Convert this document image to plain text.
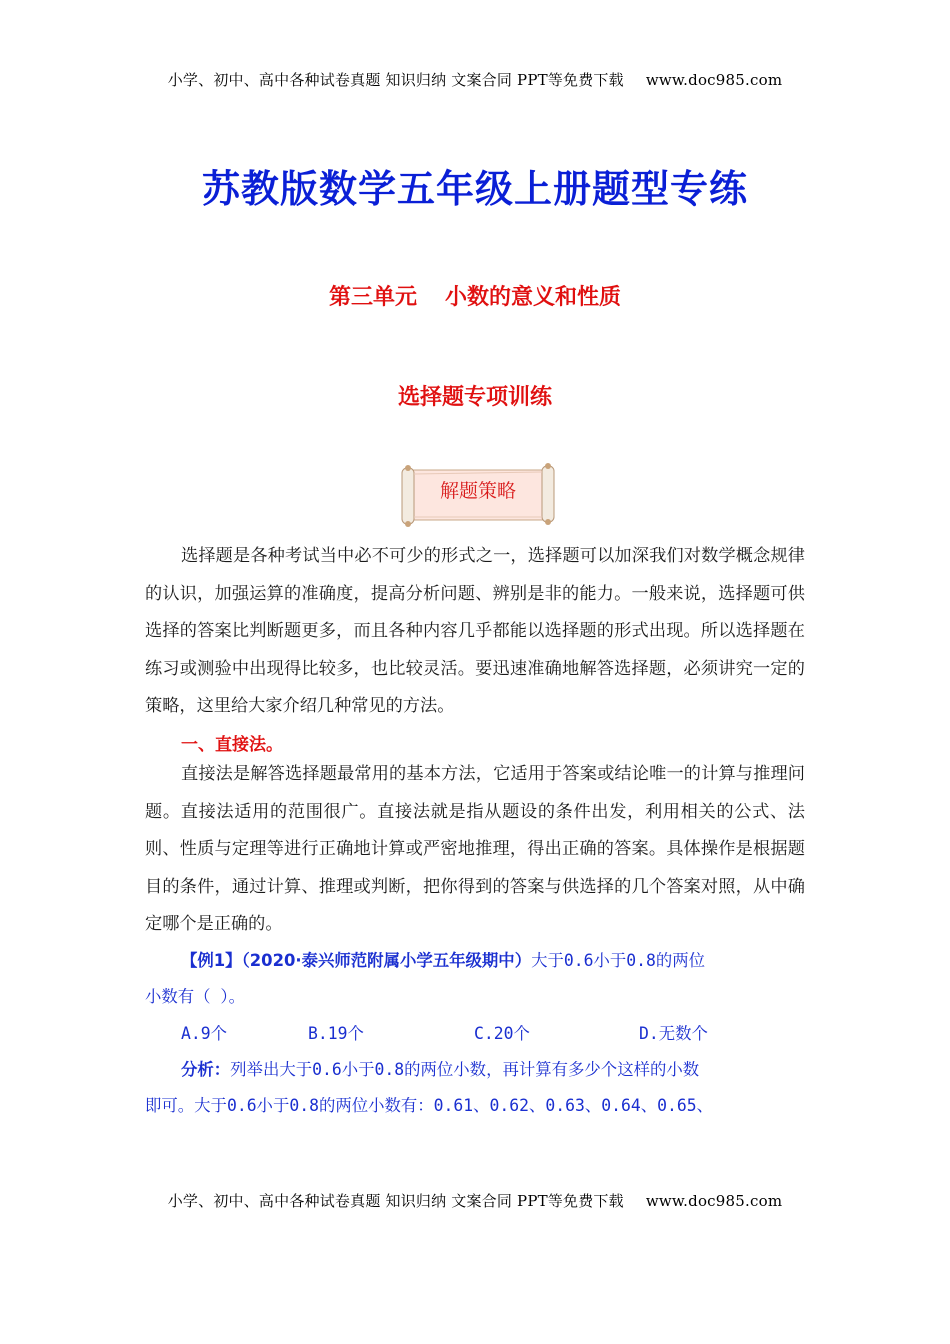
小学、初中、高中各种试卷真题 知识归纳 文案合同 PPT等免费下载 www.doc985.com
苏教版数学五年级上册题型专练
第三单元 小数的意义和性质
选择题专项训练
解题策略

选择题是各种考试当中必不可少的形式之一，选择题可以加深我们对数学概念规律的认识，加强运算的准确度，提高分析问题、辨别是非的能力。一般来说，选择题可供选择的答案比判断题更多，而且各种内容几乎都能以选择题的形式出现。所以选择题在练习或测验中出现得比较多，也比较灵活。要迅速准确地解答选择题，必须讲究一定的策略，这里给大家介绍几种常见的方法。

一、直接法。

直接法是解答选择题最常用的基本方法，它适用于答案或结论唯一的计算与推理问题。直接法适用的范围很广。直接法就是指从题设的条件出发，利用相关的公式、法则、性质与定理等进行正确地计算或严密地推理，得出正确的答案。具体操作是根据题目的条件，通过计算、推理或判断，把你得到的答案与供选择的几个答案对照，从中确定哪个是正确的。

【例1】（2020·泰兴师范附属小学五年级期中）大于0.6小于0.8的两位
小数有（ ）。
A.9个	B.19个	C.20个	D.无数个
分析：列举出大于0.6小于0.8的两位小数，再计算有多少个这样的小数
即可。大于0.6小于0.8的两位小数有：0.61、0.62、0.63、0.64、0.65、
小学、初中、高中各种试卷真题 知识归纳 文案合同 PPT等免费下载 www.doc985.com
